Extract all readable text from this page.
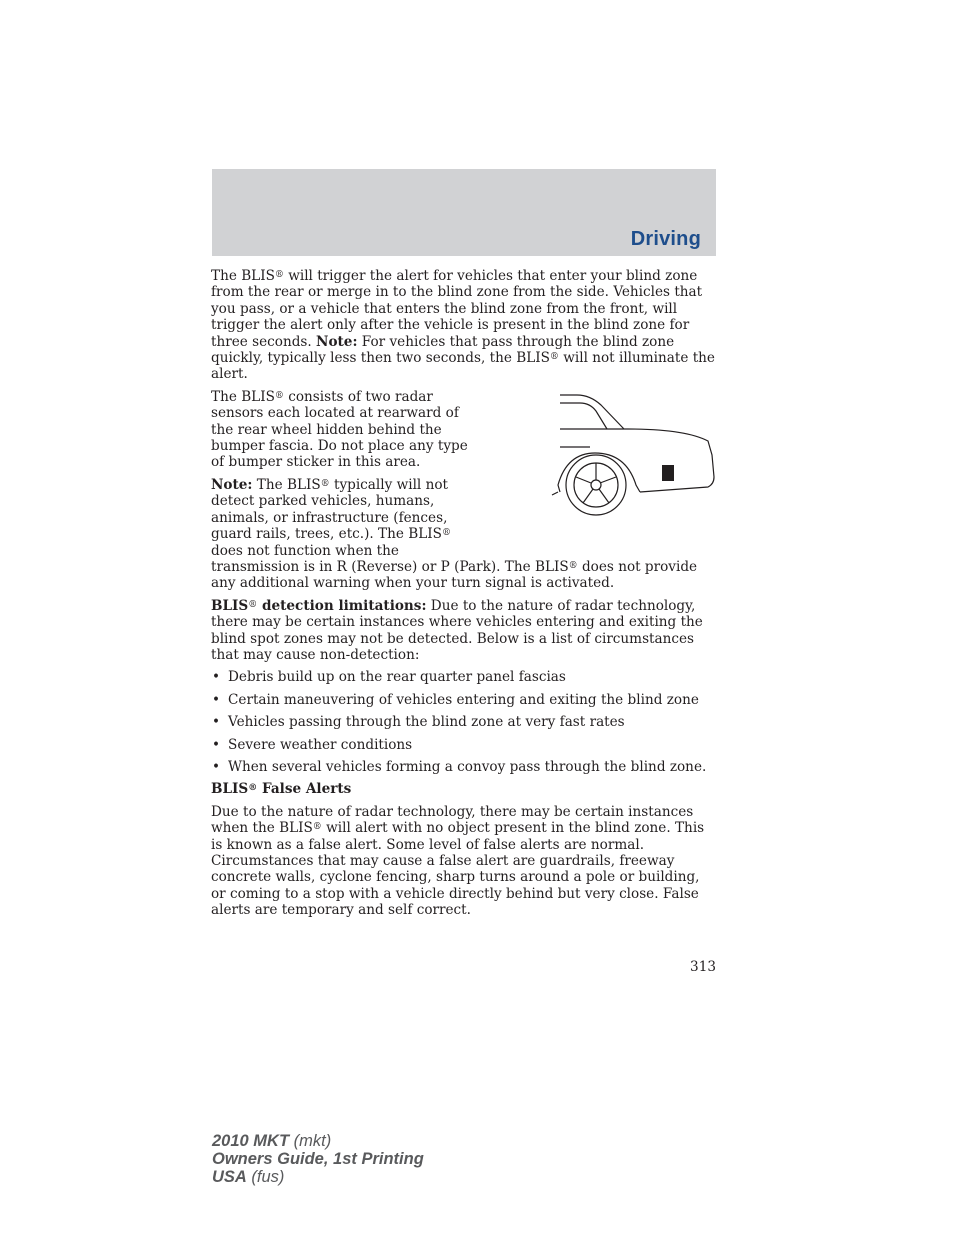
Driving

The BLIS® will trigger the alert for vehicles that enter your blind zone from the rear or merge in to the blind zone from the side. Vehicles that you pass, or a vehicle that enters the blind zone from the front, will trigger the alert only after the vehicle is present in the blind zone for three seconds. Note: For vehicles that pass through the blind zone quickly, typically less then two seconds, the BLIS® will not illuminate the alert.

The BLIS® consists of two radar sensors each located at rearward of the rear wheel hidden behind the bumper fascia. Do not place any type of bumper sticker in this area.

Note: The BLIS® typically will not detect parked vehicles, humans, animals, or infrastructure (fences, guard rails, trees, etc.). The BLIS® does not function when the transmission is in R (Reverse) or P (Park). The BLIS® does not provide any additional warning when your turn signal is activated.

BLIS® detection limitations: Due to the nature of radar technology, there may be certain instances where vehicles entering and exiting the blind spot zones may not be detected. Below is a list of circumstances that may cause non-detection:

• Debris build up on the rear quarter panel fascias
• Certain maneuvering of vehicles entering and exiting the blind zone
• Vehicles passing through the blind zone at very fast rates
• Severe weather conditions
• When several vehicles forming a convoy pass through the blind zone.

BLIS® False Alerts

Due to the nature of radar technology, there may be certain instances when the BLIS® will alert with no object present in the blind zone. This is known as a false alert. Some level of false alerts are normal. Circumstances that may cause a false alert are guardrails, freeway concrete walls, cyclone fencing, sharp turns around a pole or building, or coming to a stop with a vehicle directly behind but very close. False alerts are temporary and self correct.

313
2010 MKT (mkt)
Owners Guide, 1st Printing
USA (fus)
